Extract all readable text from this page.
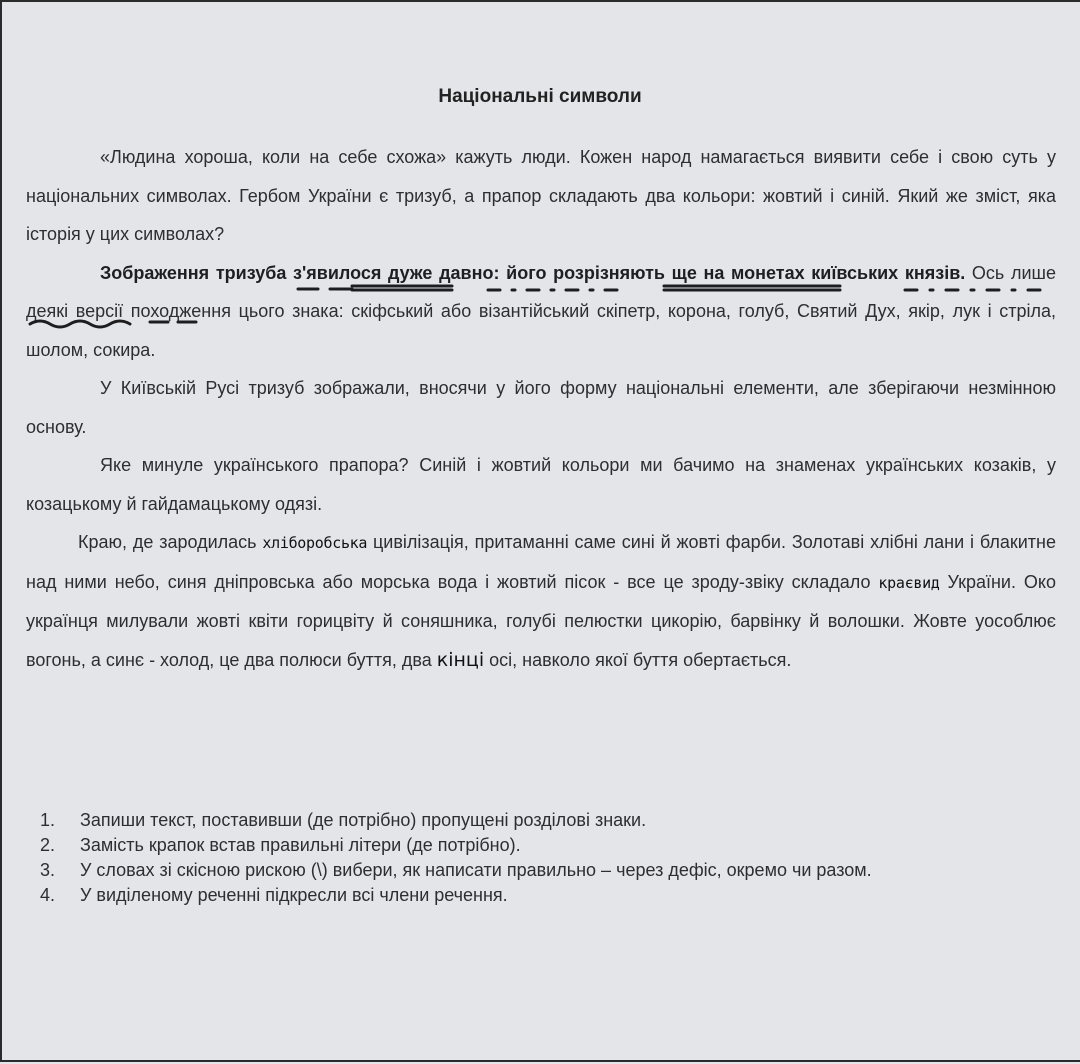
Національні символи

«Людина хороша, коли на себе схожа» кажуть люди. Кожен народ намагається виявити себе і свою суть у національних символах. Гербом України є тризуб, а прапор складають два кольори: жовтий і синій. Який же зміст, яка історія у цих символах?

Зображення тризуба з'явилося дуже давно: його розрізняють ще на монетах київських князів. Ось лише деякі версії походження цього знака: скіфський або візантійський скіпетр, корона, голуб, Святий Дух, якір, лук і стріла, шолом, сокира.

У Київській Русі тризуб зображали, вносячи у його форму національні елементи, але зберігаючи незмінною основу.

Яке минуле українського прапора? Синій і жовтий кольори ми бачимо на знаменах українських козаків, у козацькому й гайдамацькому одязі.

Краю, де зародилась хліборобська цивілізація, притаманні саме сині й жовті фарби. Золотаві хлібні лани і блакитне над ними небо, синя дніпровська або морська вода і жовтий пісок - все це зроду-звіку складало краєвид України. Око українця милували жовті квіти горицвіту й соняшника, голубі пелюстки цикорію, барвінку й волошки. Жовте уособлює вогонь, а синє - холод, це два полюси буття, два кінці осі, навколо якої буття обертається.

1.	Запиши текст, поставивши (де потрібно) пропущені розділові знаки.
2.	Замість крапок встав правильні літери (де потрібно).
3.	У словах зі скісною рискою (\) вибери, як написати правильно – через дефіс, окремо чи разом.
4.	У виділеному реченні підкресли всі члени речення.
